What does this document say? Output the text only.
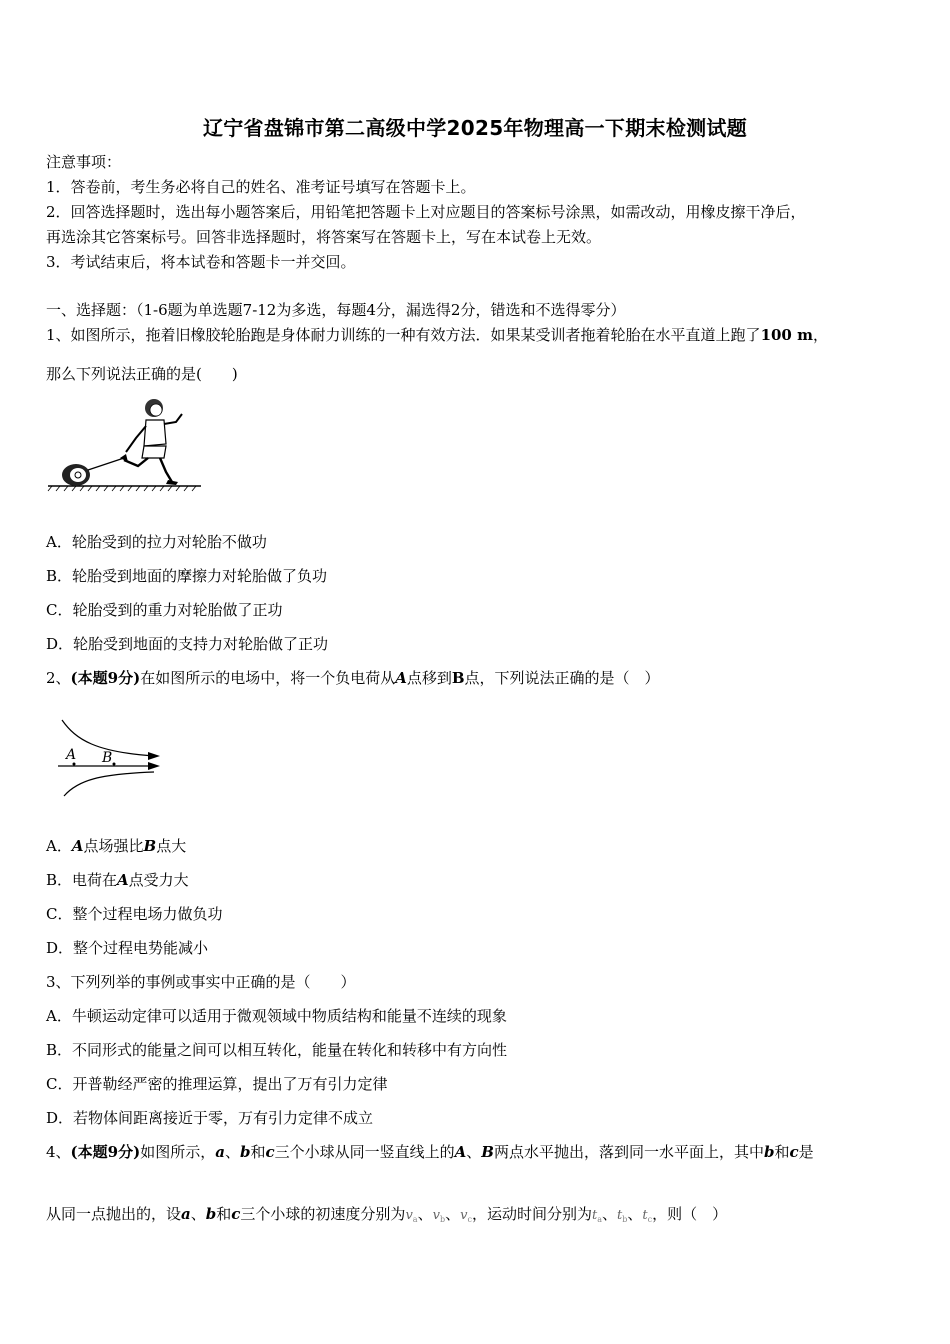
辽宁省盘锦市第二高级中学2025年物理高一下期末检测试题
注意事项：
1．答卷前，考生务必将自己的姓名、准考证号填写在答题卡上。
2．回答选择题时，选出每小题答案后，用铅笔把答题卡上对应题目的答案标号涂黑，如需改动，用橡皮擦干净后，
再选涂其它答案标号。回答非选择题时，将答案写在答题卡上，写在本试卷上无效。
3．考试结束后，将本试卷和答题卡一并交回。
一、选择题：（1-6题为单选题7-12为多选，每题4分，漏选得2分，错选和不选得零分）
1、如图所示，拖着旧橡胶轮胎跑是身体耐力训练的一种有效方法．如果某受训者拖着轮胎在水平直道上跑了100 m，
那么下列说法正确的是(　　)
A．轮胎受到的拉力对轮胎不做功
B．轮胎受到地面的摩擦力对轮胎做了负功
C．轮胎受到的重力对轮胎做了正功
D．轮胎受到地面的支持力对轮胎做了正功
2、(本题9分)在如图所示的电场中，将一个负电荷从A点移到B点，下列说法正确的是（　）
A B
A．A点场强比B点大
B．电荷在A点受力大
C．整个过程电场力做负功
D．整个过程电势能减小
3、下列列举的事例或事实中正确的是（　　）
A．牛顿运动定律可以适用于微观领域中物质结构和能量不连续的现象
B．不同形式的能量之间可以相互转化，能量在转化和转移中有方向性
C．开普勒经严密的推理运算，提出了万有引力定律
D．若物体间距离接近于零，万有引力定律不成立
4、(本题9分)如图所示，a、b和c三个小球从同一竖直线上的A、B两点水平抛出，落到同一水平面上，其中b和c是
从同一点抛出的，设a、b和c三个小球的初速度分别为$v_a$、$v_b$、$v_c$，运动时间分别为$t_a$、$t_b$、$t_c$，则（　）
